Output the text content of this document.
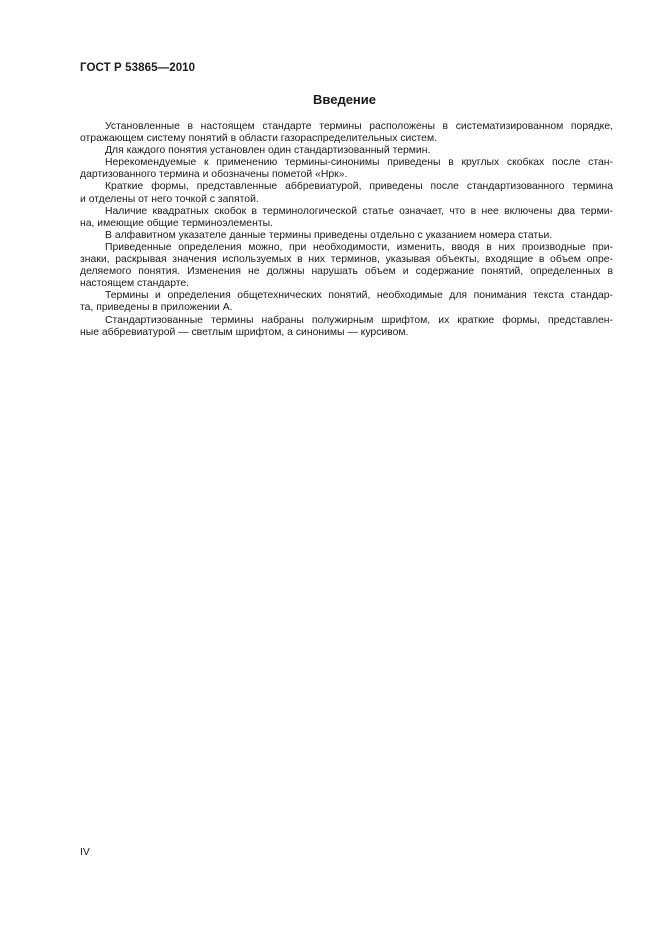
ГОСТ Р 53865—2010
Введение
Установленные в настоящем стандарте термины расположены в систематизированном порядке,
отражающем систему понятий в области газораспределительных систем.
Для каждого понятия установлен один стандартизованный термин.
Нерекомендуемые к применению термины-синонимы приведены в круглых скобках после стан-
дартизованного термина и обозначены пометой «Нрк».
Краткие формы, представленные аббревиатурой, приведены после стандартизованного термина
и отделены от него точкой с запятой.
Наличие квадратных скобок в терминологической статье означает, что в нее включены два терми-
на, имеющие общие терминоэлементы.
В алфавитном указателе данные термины приведены отдельно с указанием номера статьи.
Приведенные определения можно, при необходимости, изменить, вводя в них производные при-
знаки, раскрывая значения используемых в них терминов, указывая объекты, входящие в объем опре-
деляемого понятия. Изменения не должны нарушать объем и содержание понятий, определенных в
настоящем стандарте.
Термины и определения общетехнических понятий, необходимые для понимания текста стандар-
та, приведены в приложении А.
Стандартизованные термины набраны полужирным шрифтом, их краткие формы, представлен-
ные аббревиатурой — светлым шрифтом, а синонимы — курсивом.
IV
